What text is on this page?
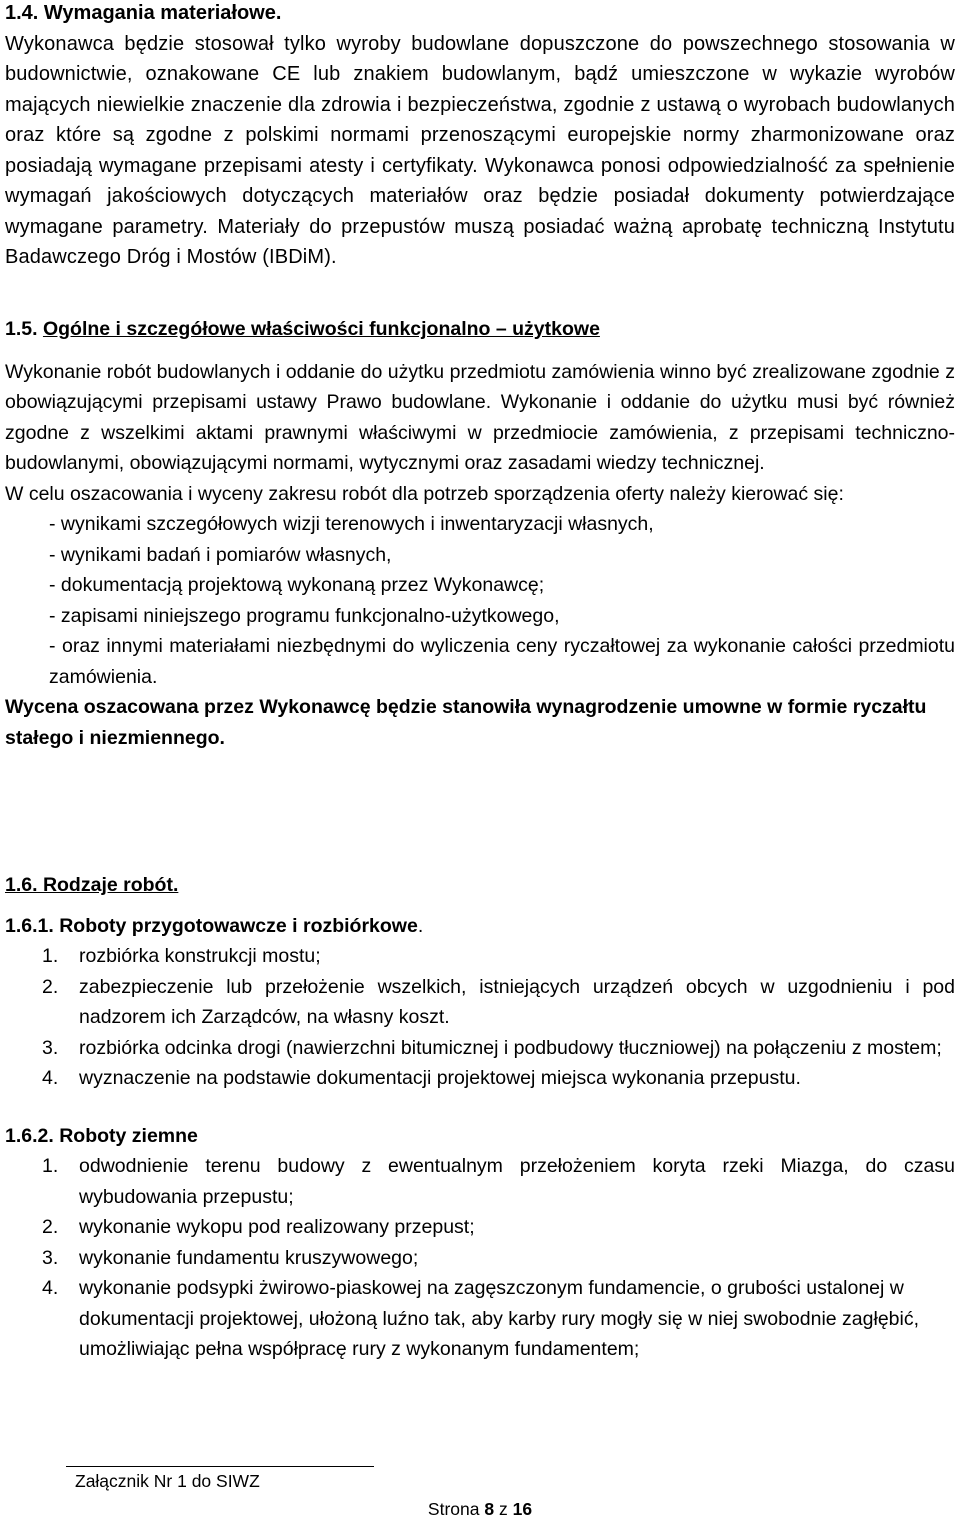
1.4. Wymagania materiałowe.

Wykonawca będzie stosował tylko wyroby budowlane dopuszczone do powszechnego stosowania w budownictwie, oznakowane CE lub znakiem budowlanym, bądź umieszczone w wykazie wyrobów mających niewielkie znaczenie dla zdrowia i bezpieczeństwa, zgodnie z ustawą o wyrobach budowlanych oraz które są zgodne z polskimi normami przenoszącymi europejskie normy zharmonizowane oraz posiadają wymagane przepisami atesty i certyfikaty. Wykonawca ponosi odpowiedzialność za spełnienie wymagań jakościowych dotyczących materiałów oraz będzie posiadał dokumenty potwierdzające wymagane parametry. Materiały do przepustów muszą posiadać ważną aprobatę techniczną Instytutu Badawczego Dróg i Mostów (IBDiM).

1.5. Ogólne i szczegółowe właściwości funkcjonalno – użytkowe

Wykonanie robót budowlanych i oddanie do użytku przedmiotu zamówienia winno być zrealizowane zgodnie z obowiązującymi przepisami ustawy Prawo budowlane. Wykonanie i oddanie do użytku musi być również zgodne z wszelkimi aktami prawnymi właściwymi w przedmiocie zamówienia, z przepisami techniczno-budowlanymi, obowiązującymi normami, wytycznymi oraz zasadami wiedzy technicznej.

W celu oszacowania i wyceny zakresu robót dla potrzeb sporządzenia oferty należy kierować się:

- wynikami szczegółowych wizji terenowych i inwentaryzacji własnych,
- wynikami badań i pomiarów własnych,
- dokumentacją projektową wykonaną przez Wykonawcę;
- zapisami niniejszego programu funkcjonalno-użytkowego,
- oraz innymi materiałami niezbędnymi do wyliczenia ceny ryczałtowej za wykonanie całości przedmiotu zamówienia.

Wycena oszacowana przez Wykonawcę będzie stanowiła wynagrodzenie umowne w formie ryczałtu stałego i niezmiennego.

1.6. Rodzaje robót.
1.6.1. Roboty przygotowawcze i rozbiórkowe.
1. rozbiórka konstrukcji mostu;
2. zabezpieczenie lub przełożenie wszelkich, istniejących urządzeń obcych w uzgodnieniu i pod nadzorem ich Zarządców, na własny koszt.
3. rozbiórka odcinka drogi (nawierzchni bitumicznej i podbudowy tłuczniowej) na połączeniu z mostem;
4. wyznaczenie na podstawie dokumentacji projektowej miejsca wykonania przepustu.
1.6.2. Roboty ziemne
1. odwodnienie terenu budowy z ewentualnym przełożeniem koryta rzeki Miazga, do czasu wybudowania przepustu;
2. wykonanie wykopu pod realizowany przepust;
3. wykonanie fundamentu kruszywowego;
4. wykonanie podsypki żwirowo-piaskowej na zagęszczonym fundamencie, o grubości ustalonej w dokumentacji projektowej, ułożoną luźno tak, aby karby rury mogły się w niej swobodnie zagłębić, umożliwiając pełna współpracę rury z wykonanym fundamentem;
Załącznik Nr 1 do SIWZ
Strona 8 z 16
